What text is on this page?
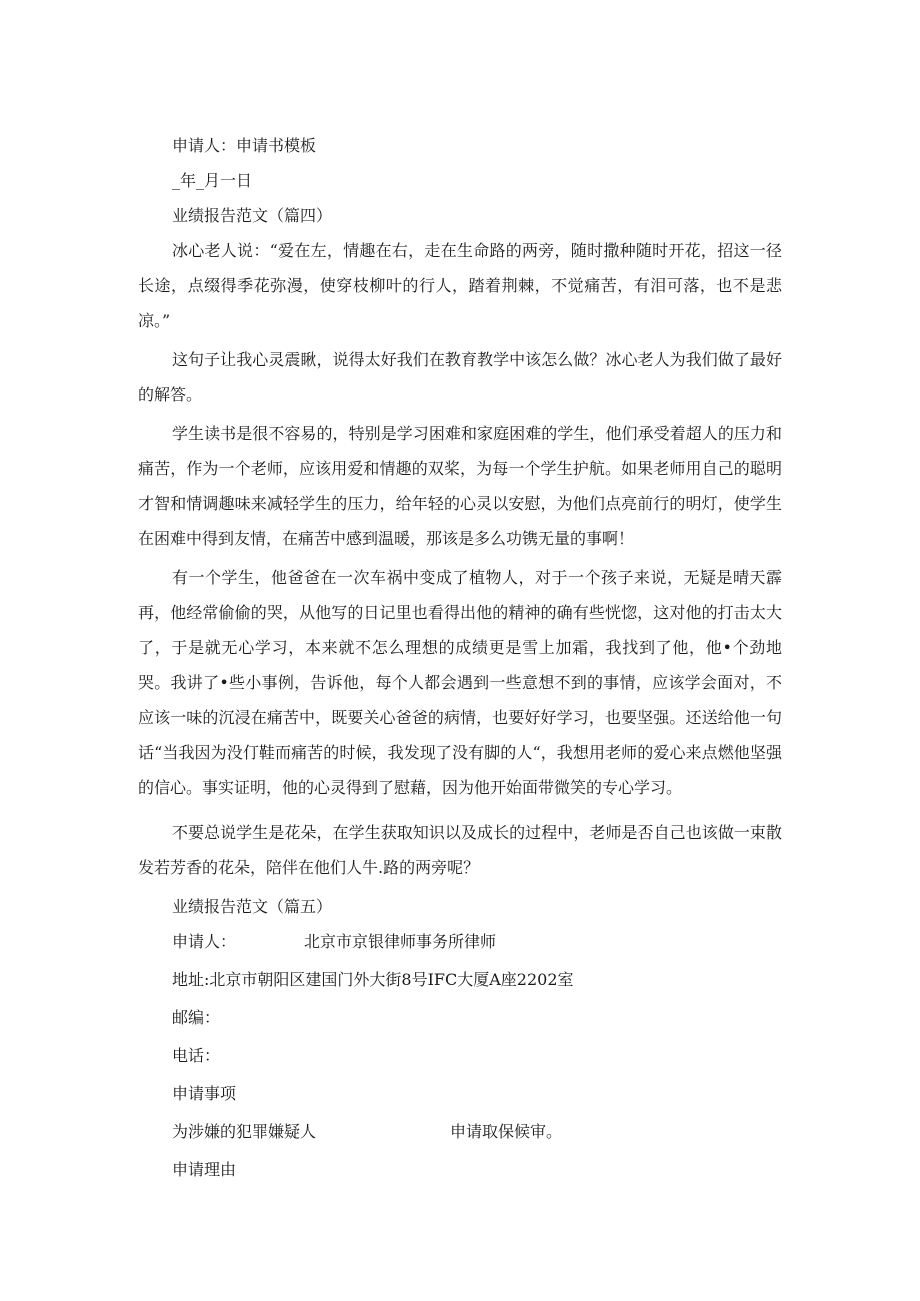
申请人：申请书模板

_年_月一日

业绩报告范文（篇四）

冰心老人说：“爱在左，情趣在右，走在生命路的两旁，随时撒种随时开花，招这一径长途，点缀得季花弥漫，使穿枝柳叶的行人，踏着荆棘，不觉痛苦，有泪可落，也不是悲凉。”

这句子让我心灵震瞅，说得太好我们在教育教学中该怎么做？冰心老人为我们做了最好的解答。

学生读书是很不容易的，特别是学习困难和家庭困难的学生，他们承受着超人的压力和痛苦，作为一个老师，应该用爱和情趣的双桨，为每一个学生护航。如果老师用自己的聪明才智和情调趣味来减轻学生的压力，给年轻的心灵以安慰，为他们点亮前行的明灯，使学生在困难中得到友情，在痛苦中感到温暖，那该是多么功镌无量的事啊！

有一个学生，他爸爸在一次车祸中变成了植物人，对于一个孩子来说，无疑是晴天霹再，他经常偷偷的哭，从他写的日记里也看得出他的精神的确有些恍惚，这对他的打击太大了，于是就无心学习，本来就不怎么理想的成绩更是雪上加霜，我找到了他，他•个劲地哭。我讲了•些小事例，告诉他，每个人都会遇到一些意想不到的事情，应该学会面对，不应该一味的沉浸在痛苦中，既要关心爸爸的病情，也要好好学习，也要坚强。还送给他一句话“当我因为没仃鞋而痛苦的时候，我发现了没有脚的人“，我想用老师的爱心来点燃他坚强的信心。事实证明，他的心灵得到了慰藉，因为他开始面带微笑的专心学习。

不要总说学生是花朵，在学生获取知识以及成长的过程中，老师是否自己也该做一束散发若芳香的花朵，陪伴在他们人牛.路的两旁呢？

业绩报告范文（篇五）

申请人：	北京市京银律师事务所律师

地址:北京市朝阳区建国门外大街8号IFC大厦A座2202室

邮编：

电话：

申请事项

为涉嫌的犯罪嫌疑人	申请取保候审。

申请理由
